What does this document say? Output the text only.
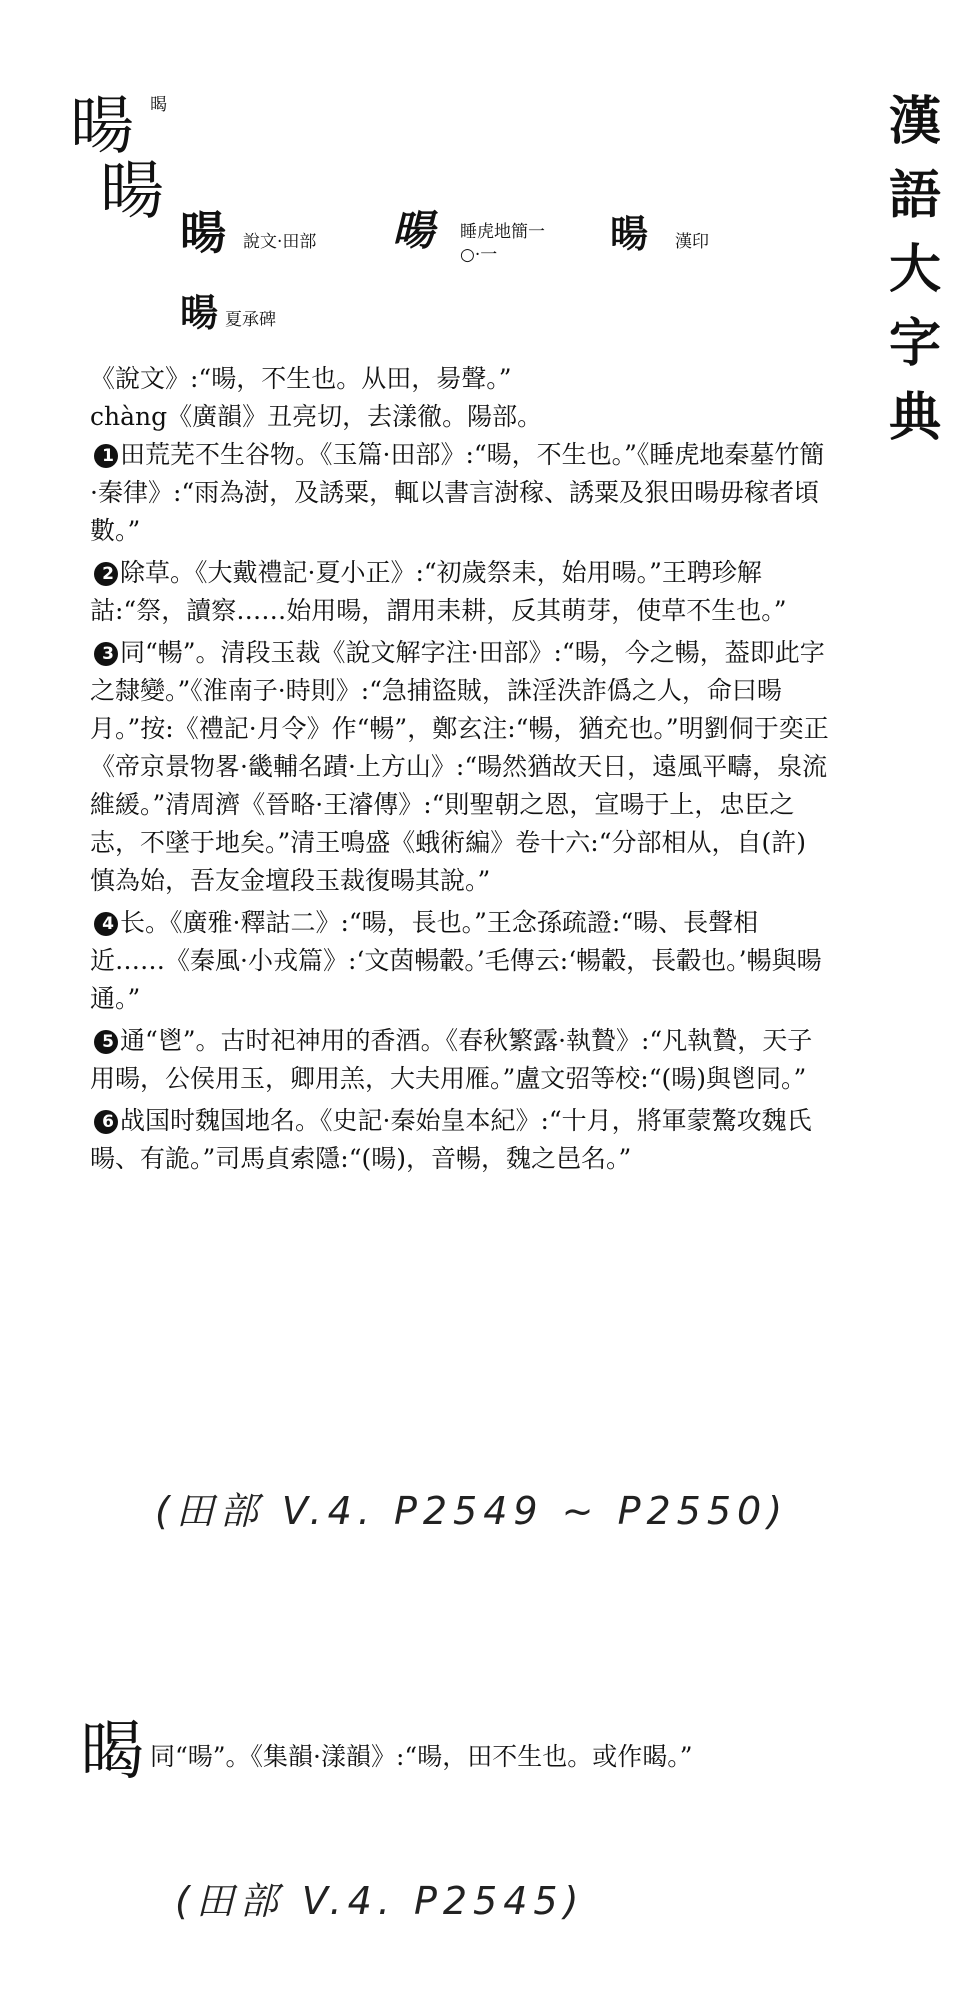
漢
語
大
字
典
暘 暍
暘
暘 說文·田部 暘 睡虎地簡一
○·一	暘 漢印
暘 夏承碑

《說文》:“暘，不生也。从田，昜聲。”

chàng《廣韻》丑亮切，去漾徹。陽部。

1 田荒芜不生谷物。《玉篇·田部》:“暘，不生也。”《睡虎地秦墓竹簡·秦律》:“雨為澍，及誘粟，輒以書言澍稼、誘粟及狠田暘毋稼者頃數。”

2 除草。《大戴禮記·夏小正》:“初歲祭耒，始用暘。”王聘珍解詁:“祭，讀察……始用暘，謂用耒耕，反其萌芽，使草不生也。”

3 同“暢”。清段玉裁《說文解字注·田部》:“暘，今之暢，葢即此字之隸變。”《淮南子·時則》:“急捕盜賊，誅淫泆詐僞之人，命曰暘月。”按:《禮記·月令》作“暢”，鄭玄注:“暢，猶充也。”明劉侗于奕正《帝京景物畧·畿輔名蹟·上方山》:“暘然猶故天日，遠風平疇，泉流維緩。”清周濟《晉略·王濬傳》:“則聖朝之恩，宣暘于上，忠臣之志，不墜于地矣。”清王鳴盛《蛾術編》卷十六:“分部相从，自(許)慎為始，吾友金壇段玉裁復暘其說。”

4 长。《廣雅·釋詁二》:“暘，長也。”王念孫疏證:“暘、長聲相近……《秦風·小戎篇》:‘文茵暢轂。’毛傳云:‘暢轂，長轂也。’暢與暘通。”

5 通“鬯”。古时祀神用的香酒。《春秋繁露·執贄》:“凡執贄，天子用暘，公侯用玉，卿用羔，大夫用雁。”盧文弨等校:“(暘)與鬯同。”

6 战国时魏国地名。《史記·秦始皇本紀》:“十月，將軍蒙驁攻魏氏暘、有詭。”司馬貞索隱:“(暘)，音暢，魏之邑名。”

(田部 V.4. P2549 ~ P2550)
暍 同“暘”。《集韻·漾韻》:“暘，田不生也。或作暍。”
(田部 V.4. P2545)
